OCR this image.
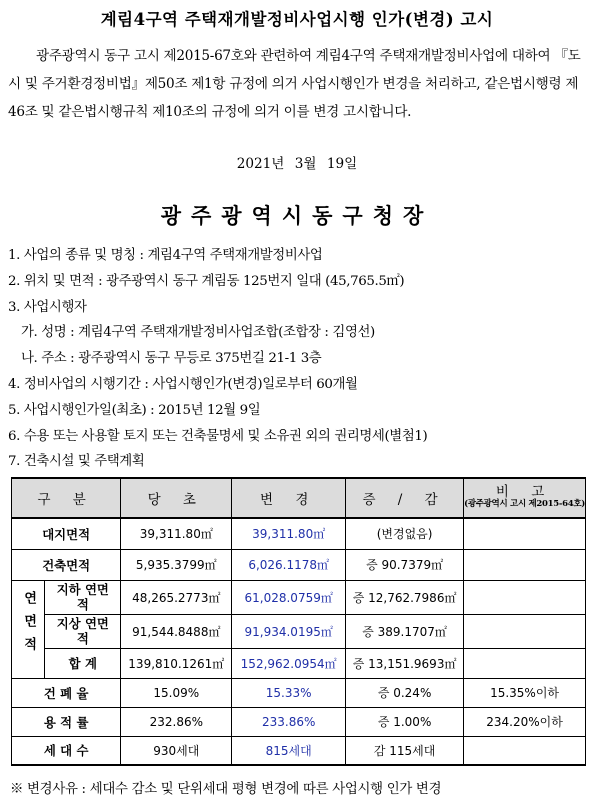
계림4구역 주택재개발정비사업시행 인가(변경) 고시
광주광역시 동구 고시 제2015-67호와 관련하여 계림4구역 주택재개발정비사업에 대하여 『도시 및 주거환경정비법』제50조 제1항 규정에 의거 사업시행인가 변경을 처리하고, 같은법시행령 제46조 및 같은법시행규칙 제10조의 규정에 의거 이를 변경 고시합니다.
2021년 3월 19일
광주광역시동구청장
1. 사업의 종류 및 명칭 : 계림4구역 주택재개발정비사업
2. 위치 및 면적 : 광주광역시 동구 계림동 125번지 일대 (45,765.5㎡)
3. 사업시행자
가. 성명 : 계림4구역 주택재개발정비사업조합(조합장 : 김영선)
나. 주소 : 광주광역시 동구 무등로 375번길 21-1 3층
4. 정비사업의 시행기간 : 사업시행인가(변경)일로부터 60개월
5. 사업시행인가일(최초) : 2015년 12월 9일
6. 수용 또는 사용할 토지 또는 건축물명세 및 소유권 외의 권리명세(별첨1)
7. 건축시설 및 주택계획
구 분		당 초	변 경	증 / 감	비 고
(광주광역시 고시 제2015-64호)

대지면적		39,311.80㎡	39,311.80㎡	(변경없음)	
건축면적		5,935.3799㎡	6,026.1178㎡	증 90.7379㎡	
연면적	지하 연면적	48,265.2773㎡	61,028.0759㎡	증 12,762.7986㎡	
	지상 연면적	91,544.8488㎡	91,934.0195㎡	증 389.1707㎡	
	합 계	139,810.1261㎡	152,962.0954㎡	증 13,151.9693㎡	
건 폐 율		15.09%	15.33%	증 0.24%	15.35%이하
용 적 률		232.86%	233.86%	증 1.00%	234.20%이하
세 대 수		930세대	815세대	감 115세대	
※ 변경사유 : 세대수 감소 및 단위세대 평형 변경에 따른 사업시행 인가 변경
